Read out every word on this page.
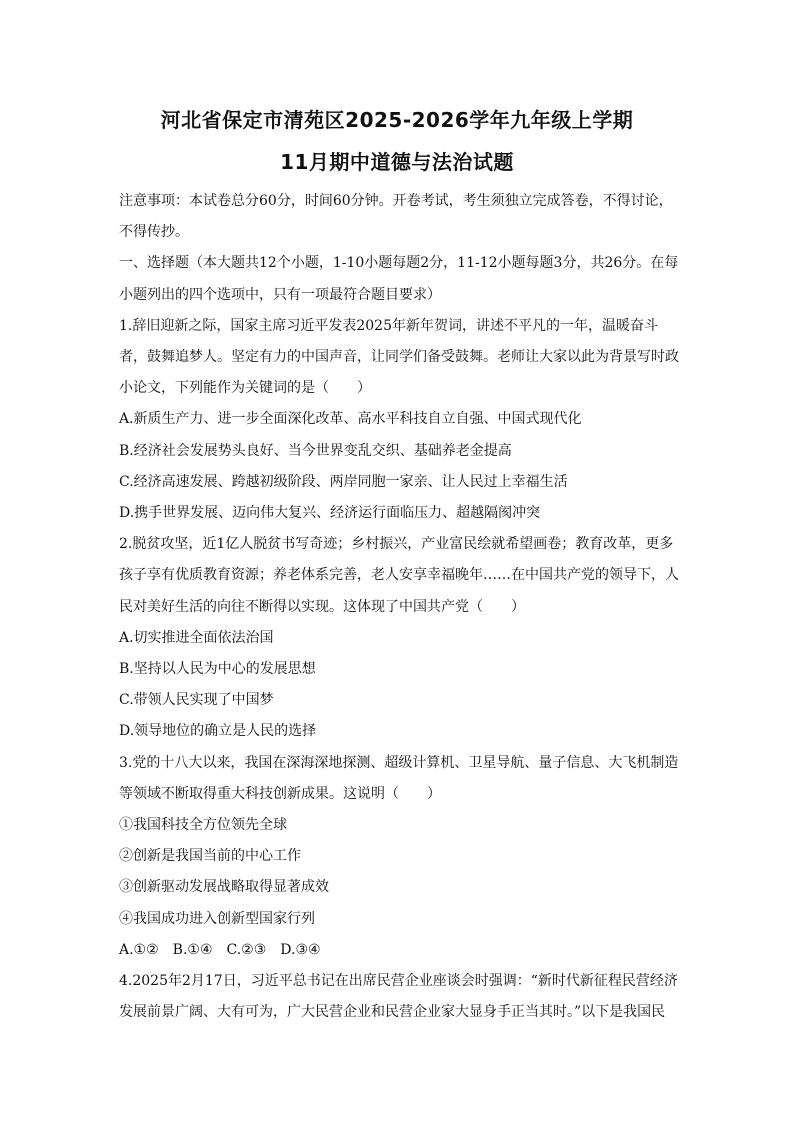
河北省保定市清苑区2025-2026学年九年级上学期
11月期中道德与法治试题

注意事项：本试卷总分60分，时间60分钟。开卷考试，考生须独立完成答卷，不得讨论，不得传抄。

一、选择题（本大题共12个小题，1-10小题每题2分，11-12小题每题3分，共26分。在每小题列出的四个选项中，只有一项最符合题目要求）

1.辞旧迎新之际，国家主席习近平发表2025年新年贺词，讲述不平凡的一年，温暖奋斗者，鼓舞追梦人。坚定有力的中国声音，让同学们备受鼓舞。老师让大家以此为背景写时政小论文，下列能作为关键词的是（　　）

A.新质生产力、进一步全面深化改革、高水平科技自立自强、中国式现代化

B.经济社会发展势头良好、当今世界变乱交织、基础养老金提高

C.经济高速发展、跨越初级阶段、两岸同胞一家亲、让人民过上幸福生活

D.携手世界发展、迈向伟大复兴、经济运行面临压力、超越隔阂冲突

2.脱贫攻坚，近1亿人脱贫书写奇迹；乡村振兴，产业富民绘就希望画卷；教育改革，更多孩子享有优质教育资源；养老体系完善，老人安享幸福晚年……在中国共产党的领导下，人民对美好生活的向往不断得以实现。这体现了中国共产党（　　）

A.切实推进全面依法治国

B.坚持以人民为中心的发展思想

C.带领人民实现了中国梦

D.领导地位的确立是人民的选择

3.党的十八大以来，我国在深海深地探测、超级计算机、卫星导航、量子信息、大飞机制造等领域不断取得重大科技创新成果。这说明（　　）

①我国科技全方位领先全球

②创新是我国当前的中心工作

③创新驱动发展战略取得显著成效

④我国成功进入创新型国家行列

A.①②　B.①④　C.②③　D.③④

4.2025年2月17日，习近平总书记在出席民营企业座谈会时强调：“新时代新征程民营经济发展前景广阔、大有可为，广大民营企业和民营企业家大显身手正当其时。”以下是我国民
